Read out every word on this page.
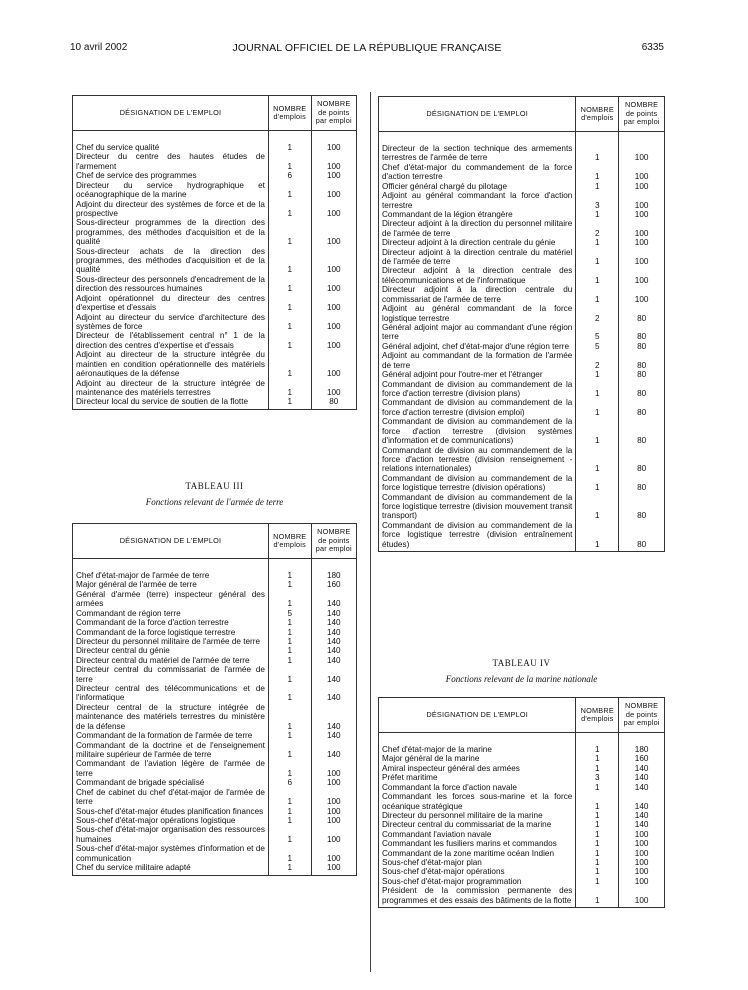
10 avril 2002	JOURNAL OFFICIEL DE LA RÉPUBLIQUE FRANÇAISE	6335
DÉSIGNATION DE L'EMPLOI	NOMBRE d'emplois	NOMBRE de points par emploi
Chef du service qualité	1	100
Directeur du centre des hautes études de l'armement	1	100
Chef de service des programmes	6	100
Directeur du service hydrographique et océanographique de la marine	1	100
Adjoint du directeur des systèmes de force et de la prospective	1	100
Sous-directeur programmes de la direction des programmes, des méthodes d'acquisition et de la qualité	1	100
Sous-directeur achats de la direction des programmes, des méthodes d'acquisition et de la qualité	1	100
Sous-directeur des personnels d'encadrement de la direction des ressources humaines	1	100
Adjoint opérationnel du directeur des centres d'expertise et d'essais	1	100
Adjoint au directeur du service d'architecture des systèmes de force	1	100
Directeur de l'établissement central n° 1 de la direction des centres d'expertise et d'essais	1	100
Adjoint au directeur de la structure intégrée du maintien en condition opérationnelle des matériels aéronautiques de la défense	1	100
Adjoint au directeur de la structure intégrée de maintenance des matériels terrestres	1	100
Directeur local du service de soutien de la flotte	1	80
TABLEAU III
Fonctions relevant de l'armée de terre
DÉSIGNATION DE L'EMPLOI	NOMBRE d'emplois	NOMBRE de points par emploi
Chef d'état-major de l'armée de terre	1	180
Major général de l'armée de terre	1	160
Général d'armée (terre) inspecteur général des armées	1	140
Commandant de région terre	5	140
Commandant de la force d'action terrestre	1	140
Commandant de la force logistique terrestre	1	140
Directeur du personnel militaire de l'armée de terre	1	140
Directeur central du génie	1	140
Directeur central du matériel de l'armée de terre	1	140
Directeur central du commissariat de l'armée de terre	1	140
Directeur central des télécommunications et de l'informatique	1	140
Directeur central de la structure intégrée de maintenance des matériels terrestres du ministère de la défense	1	140
Commandant de la formation de l'armée de terre	1	140
Commandant de la doctrine et de l'enseignement militaire supérieur de l'armée de terre	1	140
Commandant de l'aviation légère de l'armée de terre	1	100
Commandant de brigade spécialisé	6	100
Chef de cabinet du chef d'état-major de l'armée de terre	1	100
Sous-chef d'état-major études planification finances	1	100
Sous-chef d'état-major opérations logistique	1	100
Sous-chef d'état-major organisation des ressources humaines	1	100
Sous-chef d'état-major systèmes d'information et de communication	1	100
Chef du service militaire adapté	1	100
DÉSIGNATION DE L'EMPLOI	NOMBRE d'emplois	NOMBRE de points par emploi
Directeur de la section technique des armements terrestres de l'armée de terre	1	100
Chef d'état-major du commandement de la force d'action terrestre	1	100
Officier général chargé du pilotage	1	100
Adjoint au général commandant la force d'action terrestre	3	100
Commandant de la légion étrangère	1	100
Directeur adjoint à la direction du personnel militaire de l'armée de terre	2	100
Directeur adjoint à la direction centrale du génie	1	100
Directeur adjoint à la direction centrale du matériel de l'armée de terre	1	100
Directeur adjoint à la direction centrale des télécommunications et de l'informatique	1	100
Directeur adjoint à la direction centrale du commissariat de l'armée de terre	1	100
Adjoint au général commandant de la force logistique terrestre	2	80
Général adjoint major au commandant d'une région terre	5	80
Général adjoint, chef d'état-major d'une région terre	5	80
Adjoint au commandant de la formation de l'armée de terre	2	80
Général adjoint pour l'outre-mer et l'étranger	1	80
Commandant de division au commandement de la force d'action terrestre (division plans)	1	80
Commandant de division au commandement de la force d'action terrestre (division emploi)	1	80
Commandant de division au commandement de la force d'action terrestre (division systèmes d'information et de communications)	1	80
Commandant de division au commandement de la force d'action terrestre (division renseignement - relations internationales)	1	80
Commandant de division au commandement de la force logistique terrestre (division opérations)	1	80
Commandant de division au commandement de la force logistique terrestre (division mouvement transit transport)	1	80
Commandant de division au commandement de la force logistique terrestre (division entraînement études)	1	80
TABLEAU IV
Fonctions relevant de la marine nationale
DÉSIGNATION DE L'EMPLOI	NOMBRE d'emplois	NOMBRE de points par emploi
Chef d'état-major de la marine	1	180
Major général de la marine	1	160
Amiral inspecteur général des armées	1	140
Préfet maritime	3	140
Commandant la force d'action navale	1	140
Commandant les forces sous-marine et la force océanique stratégique	1	140
Directeur du personnel militaire de la marine	1	140
Directeur central du commissariat de la marine	1	140
Commandant l'aviation navale	1	100
Commandant les fusiliers marins et commandos	1	100
Commandant de la zone maritime océan Indien	1	100
Sous-chef d'état-major plan	1	100
Sous-chef d'état-major opérations	1	100
Sous-chef d'état-major programmation	1	100
Président de la commission permanente des programmes et des essais des bâtiments de la flotte	1	100
